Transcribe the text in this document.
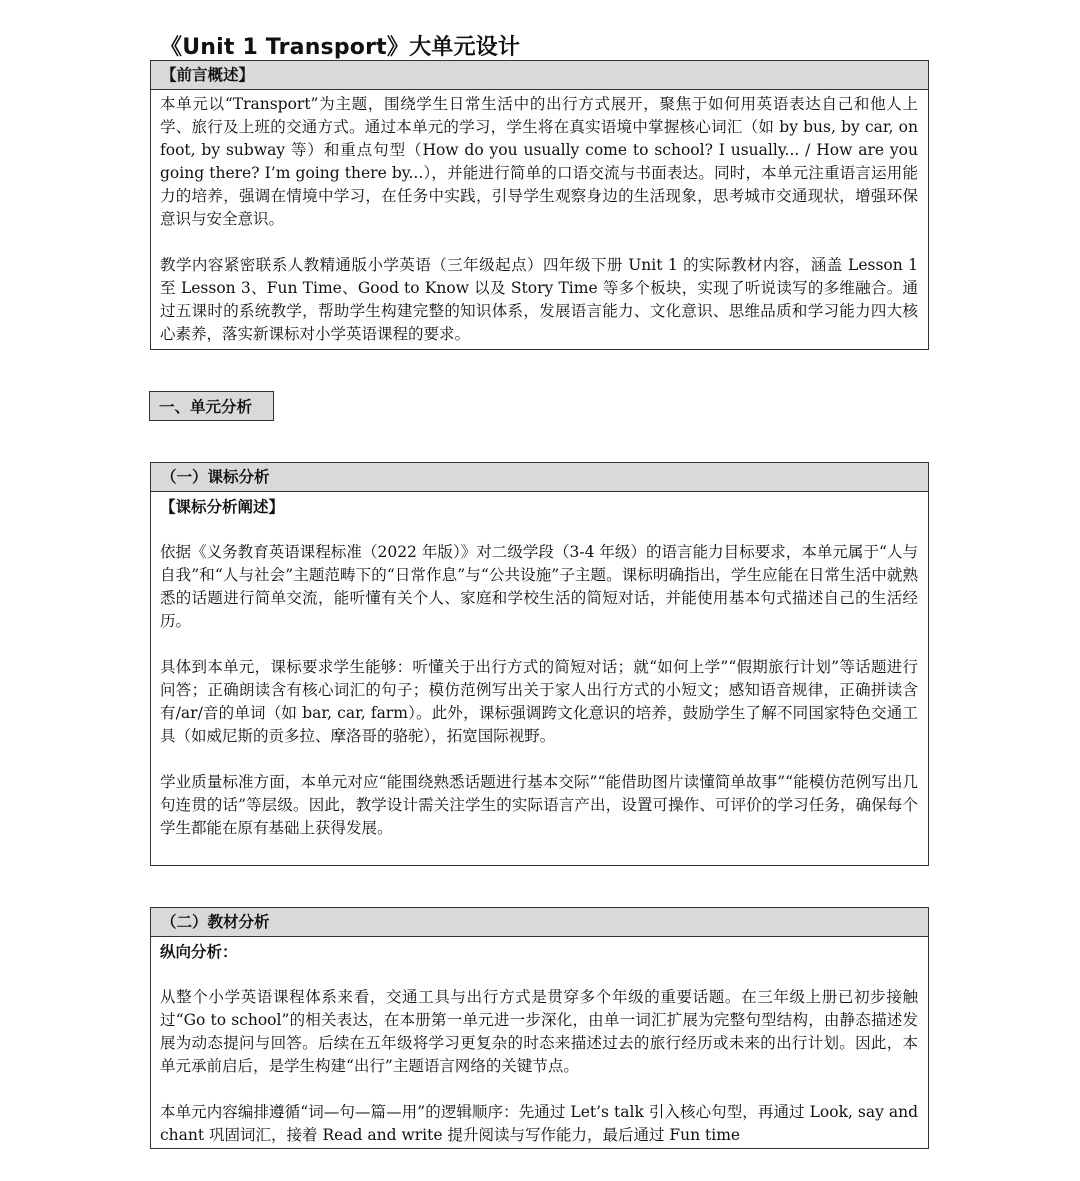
《Unit 1 Transport》大单元设计
【前言概述】

本单元以“Transport”为主题，围绕学生日常生活中的出行方式展开，聚焦于如何用英语表达自己和他人上学、旅行及上班的交通方式。通过本单元的学习，学生将在真实语境中掌握核心词汇（如 by bus, by car, on foot, by subway 等）和重点句型（How do you usually come to school? I usually... / How are you going there? I’m going there by...），并能进行简单的口语交流与书面表达。同时，本单元注重语言运用能力的培养，强调在情境中学习，在任务中实践，引导学生观察身边的生活现象，思考城市交通现状，增强环保意识与安全意识。

教学内容紧密联系人教精通版小学英语（三年级起点）四年级下册 Unit 1 的实际教材内容，涵盖 Lesson 1 至 Lesson 3、Fun Time、Good to Know 以及 Story Time 等多个板块，实现了听说读写的多维融合。通过五课时的系统教学，帮助学生构建完整的知识体系，发展语言能力、文化意识、思维品质和学习能力四大核心素养，落实新课标对小学英语课程的要求。

一、单元分析
（一）课标分析
【课标分析阐述】

依据《义务教育英语课程标准（2022 年版）》对二级学段（3-4 年级）的语言能力目标要求，本单元属于“人与自我”和“人与社会”主题范畴下的“日常作息”与“公共设施”子主题。课标明确指出，学生应能在日常生活中就熟悉的话题进行简单交流，能听懂有关个人、家庭和学校生活的简短对话，并能使用基本句式描述自己的生活经历。

具体到本单元，课标要求学生能够：听懂关于出行方式的简短对话；就“如何上学”“假期旅行计划”等话题进行问答；正确朗读含有核心词汇的句子；模仿范例写出关于家人出行方式的小短文；感知语音规律，正确拼读含有/ar/音的单词（如 bar, car, farm）。此外，课标强调跨文化意识的培养，鼓励学生了解不同国家特色交通工具（如威尼斯的贡多拉、摩洛哥的骆驼），拓宽国际视野。

学业质量标准方面，本单元对应“能围绕熟悉话题进行基本交际”“能借助图片读懂简单故事”“能模仿范例写出几句连贯的话”等层级。因此，教学设计需关注学生的实际语言产出，设置可操作、可评价的学习任务，确保每个学生都能在原有基础上获得发展。

（二）教材分析
纵向分析：

从整个小学英语课程体系来看，交通工具与出行方式是贯穿多个年级的重要话题。在三年级上册已初步接触过“Go to school”的相关表达，在本册第一单元进一步深化，由单一词汇扩展为完整句型结构，由静态描述发展为动态提问与回答。后续在五年级将学习更复杂的时态来描述过去的旅行经历或未来的出行计划。因此，本单元承前启后，是学生构建“出行”主题语言网络的关键节点。

本单元内容编排遵循“词—句—篇—用”的逻辑顺序：先通过 Let’s talk 引入核心句型，再通过 Look, say and chant 巩固词汇，接着 Read and write 提升阅读与写作能力，最后通过 Fun time
